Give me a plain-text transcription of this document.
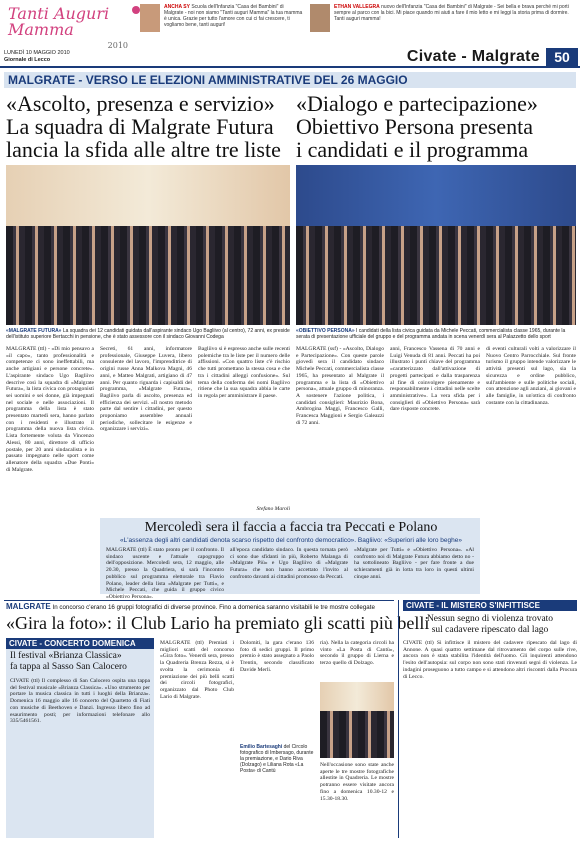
Tanti Auguri Mamma
2010
ANCHA SY Scuola dell'Infanzia "Casa dei Bambini" di Malgrate - noi non siamo "Tanti auguri Mamma" la tua mamma è unica. Grazie per tutto l'amore con cui ci fai crescere, ti vogliamo bene, tanti auguri!
ETHAN VALLEGRA nuovo dell'Infanzia "Casa dei Bambini" di Malgrate - Sei bella e brava perché mi porti sempre al parco con la bici. Mi piace quando mi aiuti a fare il mio letto e mi leggi la storia prima di dormire. Tanti auguri mamma!
LUNEDÌ 10 MAGGIO 2010
Giornale di Lecco	Civate - Malgrate	50
MALGRATE - VERSO LE ELEZIONI AMMINISTRATIVE DEL 26 MAGGIO
«Ascolto, presenza e servizio»
La squadra di Malgrate Futura
lancia la sfida alle altre tre liste
«MALGRATE FUTURA» La squadra dei 12 candidati guidata dall'aspirante sindaco Ugo Bagliivo (al centro), 72 anni, ex preside dell'istituto superiore Bertacchi in pensione, che è stato assessore con il sindaco Giovanni Codega
MALGRATE (ttl) - «Di mio pensavo a «il capo», tanto professionalità e competenze ci sono ineffettabili, ma anche artigiani e persone concrete». L'aspirante sindaco Ugo Bagliivo descrive così la squadra di «Malgrate Futura», la lista civica con protagonisti sei uomini e sei donne, già impegnati nel sociale e nelle associazioni. Il programma della lista è stato presentato martedì sera, hanno parlato con i residenti e illustrato il programma della nuova lista civica. Lista fortemente voluta da Vincenzo Alessi, 80 anni, direttore di ufficio postale, per 20 anni sindacalista e in passato impegnato nelle sport come allenatore della squadra «Due Ponti» di Malgrate.
Secreti, 61 anni, informatore professionale, Giuseppe Luvera, libero consulente del lavoro, l'imprenditrice di origini russe Anna Malkova Magni, 46 anni, e Matteo Malgrati, artigiano di 47 anni. Per quanto riguarda i capisaldi del programma, «Malgrate Futura», Bagliivo parla di ascolto, presenza ed efficienza dei servizi. «Il nostro metodo parte dal sentire i cittadini, per questo proponiamo assemblee annuali periodiche, sollecitare le esigenze e organizzare i servizi».
Bagliivo si è espresso anche sulle recenti polemiche tra le liste per il numero delle affissioni. «Con quattro liste c'è rischio che tutti promettano la stessa cosa e che tra i cittadini alleggi confusione». Sul tema della conferma dei nomi Bagliivo ritiene che la sua squadra abbia le carte in regola per amministrare il paese.
Stefano Maroli
«Dialogo e partecipazione»
Obiettivo Persona presenta
i candidati e il programma
«OBIETTIVO PERSONA» I candidati della lista civica guidata da Michele Peccati, commercialista classe 1965, durante la serata di presentazione ufficiale del gruppo e del programma andata in scena venerdì sera al Palazzetto dello sport
MALGRATE (ssf) - «Ascolto, Dialogo e Partecipazione». Con queste parole giovedì sera il candidato sindaco Michele Peccati, commercialista classe 1965, ha presentato al Malgrate il programma e la lista di «Obiettivo persona», attuale gruppo di minoranza. A sostenere l'azione politica, i candidati consiglieri: Maurizio Bona, Ambrogina Maggi, Francesco Galli, Francesca Maggioni e Sergio Galeazzi di 72 anni.
anni, Francesco Vassena di 70 anni e Luigi Venuda di 81 anni. Peccati ha poi illustrato i punti chiave del programma «caratterizzato dall'attivazione di progetti partecipati e dalla trasparenza al fine di coinvolgere pienamente e responsabilmente i cittadini nelle scelte amministrative». La vera sfida per i consiglieri di «Obiettivo Persona» sarà dare risposte concrete.
di eventi culturali volti a valorizzare il Nuovo Centro Parrocchiale. Sul fronte turismo il gruppo intende valorizzare le attività presenti sul lago, sia la sicurezza e ordine pubblico, sull'ambiente e sulle politiche sociali, con attenzione agli anziani, ai giovani e alle famiglie, in un'ottica di confronto costante con la cittadinanza.
Mercoledì sera il faccia a faccia tra Peccati e Polano
«L'assenza degli altri candidati denota scarso rispetto del confronto democratico». Bagliivo: «Superiori alle loro beghe»
MALGRATE (ttl) È stato pronto per il confronto. Il sindaco uscente e l'attuale capogruppo dell'opposizione. Mercoledì sera, 12 maggio, alle 20.30, presso la Quadriera, si sarà l'incontro pubblico sul programma elettorale tra Flavio Polano, leader della lista «Malgrate per Tutti», e Michele Peccati, che guida il gruppo civico «Obiettivo Persona».
all'epoca candidato sindaco. In questa tornata però ci sono due sfidanti in più, Roberto Malanga di «Malgrate Più» e Ugo Bagliivo di «Malgrate Futura» che non hanno accettato l'invito al confronto davanti ai cittadini promosso da Peccati.
«Malgrate per Tutti» e «Obiettivo Persona». «Al confronto noi di Malgrate Futura abbiamo detto no - ha sottolineato Bagliivo - per fare fronte a due schieramenti già in lotta tra loro in questi ultimi cinque anni.
MALGRATE In concorso c'erano 16 gruppi fotografici di diverse province. Fino a domenica saranno visitabili le tre mostre collegate
«Gira la foto»: il Club Lario ha premiato gli scatti più belli
CIVATE - CONCERTO DOMENICA
Il festival «Brianza Classica»
fa tappa al Sasso San Calocero
CIVATE (ttl) Il complesso di San Calocero ospita una tappa del festival musicale «Brianza Classica». «Uno strumento per portare la musica classica in tutti i luoghi della Brianza». Domenica 16 maggio alle 16 concerto del Quartetto di Fiati con musiche di Beethoven e Danzi. Ingresso libero fino ad esaurimento posti; per informazioni telefonare allo 335/5461561.
MALGRATE (ttl) Premiati i migliori scatti del concorso «Gira foto». Venerdì sera, presso la Quadreria Brenza Rezza, si è svolta la cerimonia di premiazione dei più belli scatti dei circoli fotografici, organizzato dal Photo Club Lario di Malgrate.
Dolomiti, la gara c'erano 136 foto di sedici gruppi. Il primo premio è stato assegnato a Paolo Trentin, secondo classificato Davide Merli.
ria). Nella la categoria circoli ha vinto «La Posta di Cantù», secondo il gruppo di Lierna e terzo quello di Dolzago.
Nell'occasione sono state anche aperte le tre mostre fotografiche allestite in Quadreria. Le mostre potranno essere visitate ancora fino a domenica 10.30-12 e 15.30-18.30.
Emilio Bartesaghi del Circolo fotografico di Imbersago, durante la premiazione, e Dario Riva (Dolzago) e Liliana Rota «La Posta» di Cantù
CIVATE - IL MISTERO S'INFITTISCE
Nessun segno di violenza trovato
sul cadavere ripescato dal lago
CIVATE (ttl) Si infittisce il mistero del cadavere ripescato dal lago di Annone. A quasi quattro settimane dal ritrovamento del corpo sulle rive, ancora non è stata stabilita l'identità dell'uomo. Gli inquirenti attendono l'esito dell'autopsia: sul corpo non sono stati rinvenuti segni di violenza. Le indagini proseguono a tutto campo e si attendono altri riscontri dalla Procura di Lecco.
